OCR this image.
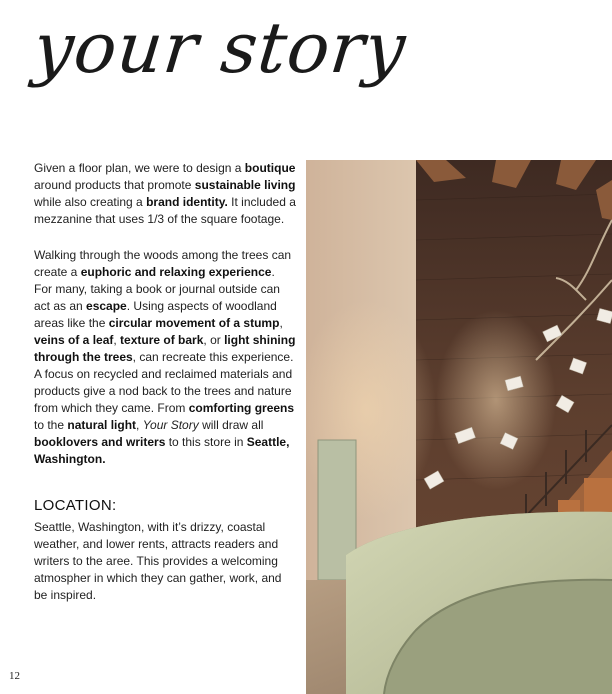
your story

Given a floor plan, we were to design a boutique around products that promote sustainable living while also creating a brand identity. It included a mezzanine that uses 1/3 of the square footage.

Walking through the woods among the trees can create a euphoric and relaxing experience. For many, taking a book or journal outside can act as an escape. Using aspects of woodland areas like the circular movement of a stump, veins of a leaf, texture of bark, or light shining through the trees, can recreate this experience. A focus on recycled and reclaimed materials and products give a nod back to the trees and nature from which they came. From comforting greens to the natural light, Your Story will draw all booklovers and writers to this store in Seattle, Washington.

LOCATION:

Seattle, Washington, with it’s drizzy, coastal weather, and lower rents, attracts readers and writers to the aree. This provides a welcoming atmospher in which they can gather, work, and be inspired.

12
